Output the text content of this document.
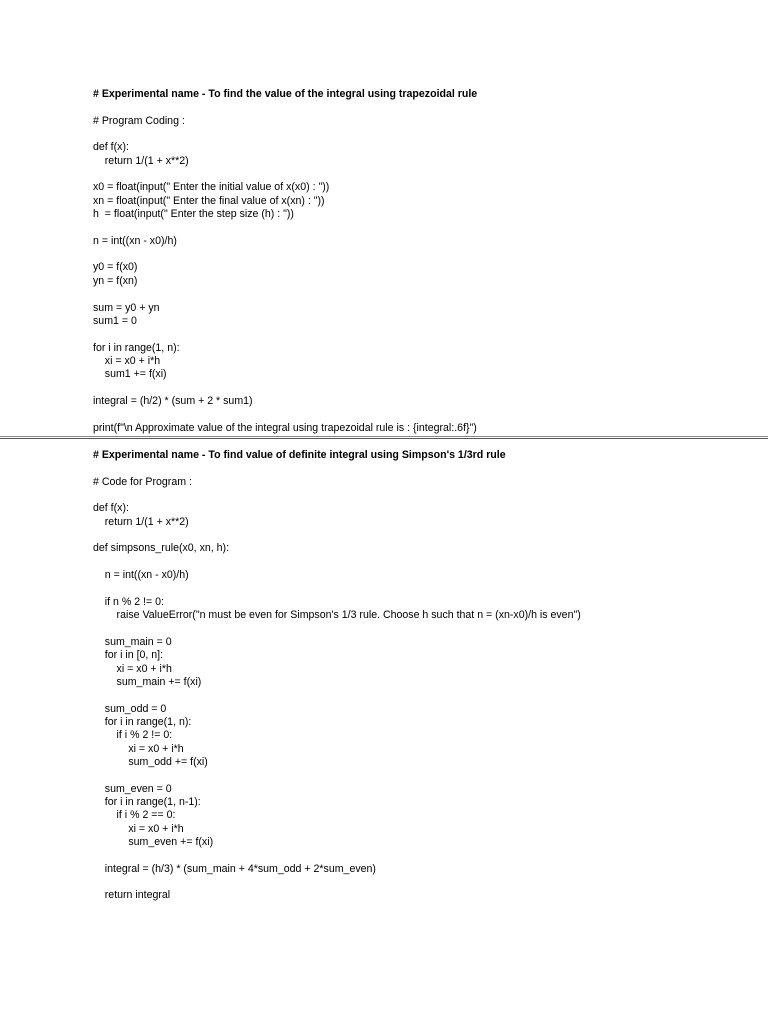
# Experimental name - To find the value of the integral using trapezoidal rule
# Program Coding :
def f(x):
return 1/(1 + x**2)
x0 = float(input(" Enter the initial value of x(x0) : "))
xn = float(input(" Enter the final value of x(xn) : "))
h  = float(input(" Enter the step size (h) : "))
n = int((xn - x0)/h)
y0 = f(x0)
yn = f(xn)
sum = y0 + yn
sum1 = 0
for i in range(1, n):
xi = x0 + i*h
sum1 += f(xi)
integral = (h/2) * (sum + 2 * sum1)
print(f"\n Approximate value of the integral using trapezoidal rule is : {integral:.6f}")
# Experimental name - To find value of definite integral using Simpson's 1/3rd rule
# Code for Program :
def f(x):
return 1/(1 + x**2)
def simpsons_rule(x0, xn, h):
n = int((xn - x0)/h)
if n % 2 != 0:
raise ValueError("n must be even for Simpson's 1/3 rule. Choose h such that n = (xn-x0)/h is even")
sum_main = 0
for i in [0, n]:
xi = x0 + i*h
sum_main += f(xi)
sum_odd = 0
for i in range(1, n):
if i % 2 != 0:
xi = x0 + i*h
sum_odd += f(xi)
sum_even = 0
for i in range(1, n-1):
if i % 2 == 0:
xi = x0 + i*h
sum_even += f(xi)
integral = (h/3) * (sum_main + 4*sum_odd + 2*sum_even)
return integral
